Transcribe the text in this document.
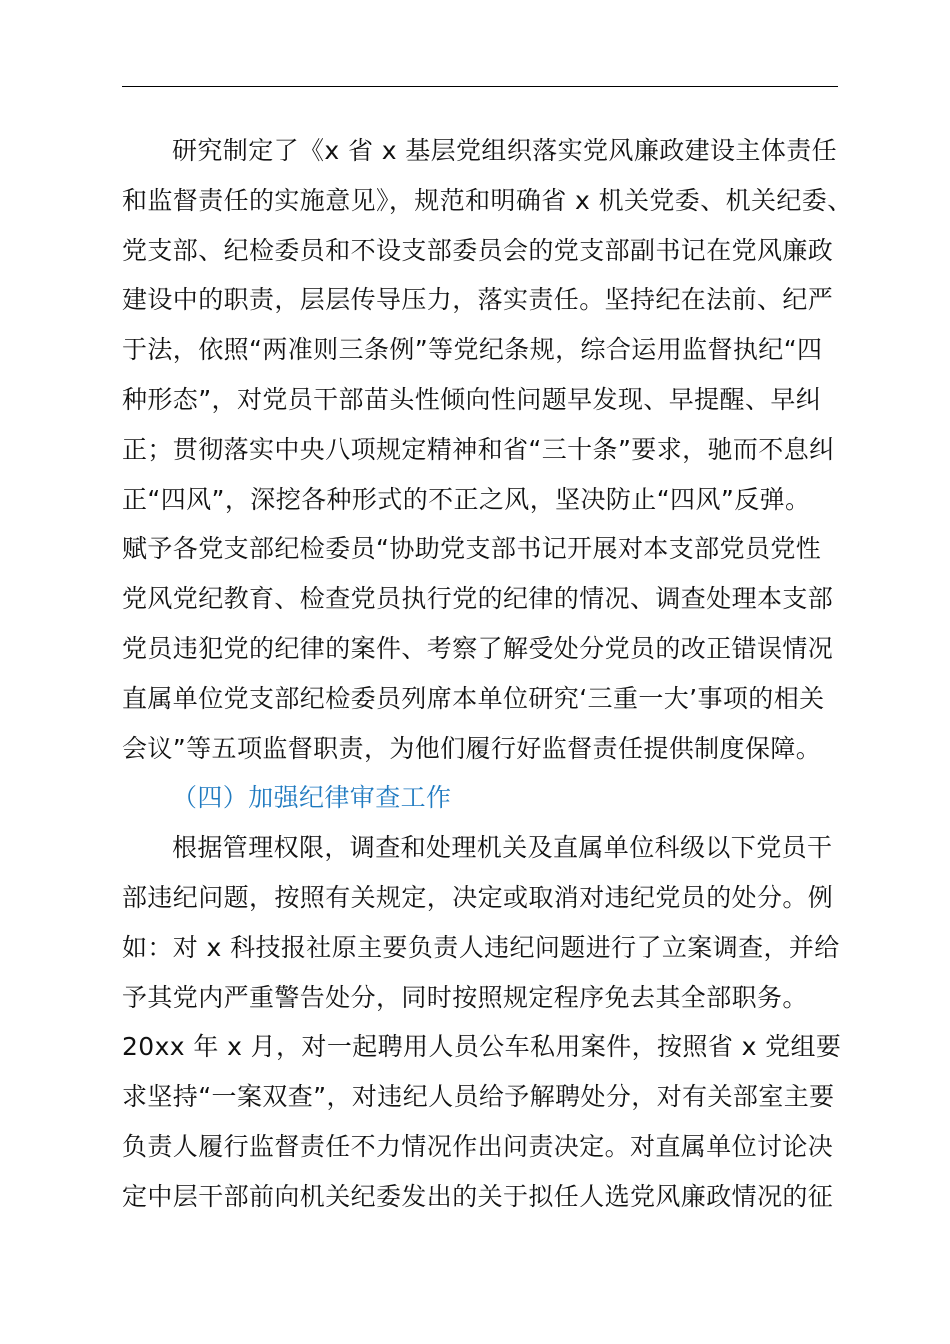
研究制定了《x 省 x 基层党组织落实党风廉政建设主体责任
和监督责任的实施意见》，规范和明确省 x 机关党委、机关纪委、
党支部、纪检委员和不设支部委员会的党支部副书记在党风廉政
建设中的职责，层层传导压力，落实责任。坚持纪在法前、纪严
于法，依照“两准则三条例”等党纪条规，综合运用监督执纪“四
种形态”，对党员干部苗头性倾向性问题早发现、早提醒、早纠
正；贯彻落实中央八项规定精神和省“三十条”要求，驰而不息纠
正“四风”，深挖各种形式的不正之风，坚决防止“四风”反弹。
赋予各党支部纪检委员“协助党支部书记开展对本支部党员党性
党风党纪教育、检查党员执行党的纪律的情况、调查处理本支部
党员违犯党的纪律的案件、考察了解受处分党员的改正错误情况
直属单位党支部纪检委员列席本单位研究‘三重一大’事项的相关
会议”等五项监督职责，为他们履行好监督责任提供制度保障。
（四）加强纪律审查工作
根据管理权限，调查和处理机关及直属单位科级以下党员干
部违纪问题，按照有关规定，决定或取消对违纪党员的处分。例
如：对 x 科技报社原主要负责人违纪问题进行了立案调查，并给
予其党内严重警告处分，同时按照规定程序免去其全部职务。
20xx 年 x 月，对一起聘用人员公车私用案件，按照省 x 党组要
求坚持“一案双查”，对违纪人员给予解聘处分，对有关部室主要
负责人履行监督责任不力情况作出问责决定。对直属单位讨论决
定中层干部前向机关纪委发出的关于拟任人选党风廉政情况的征
